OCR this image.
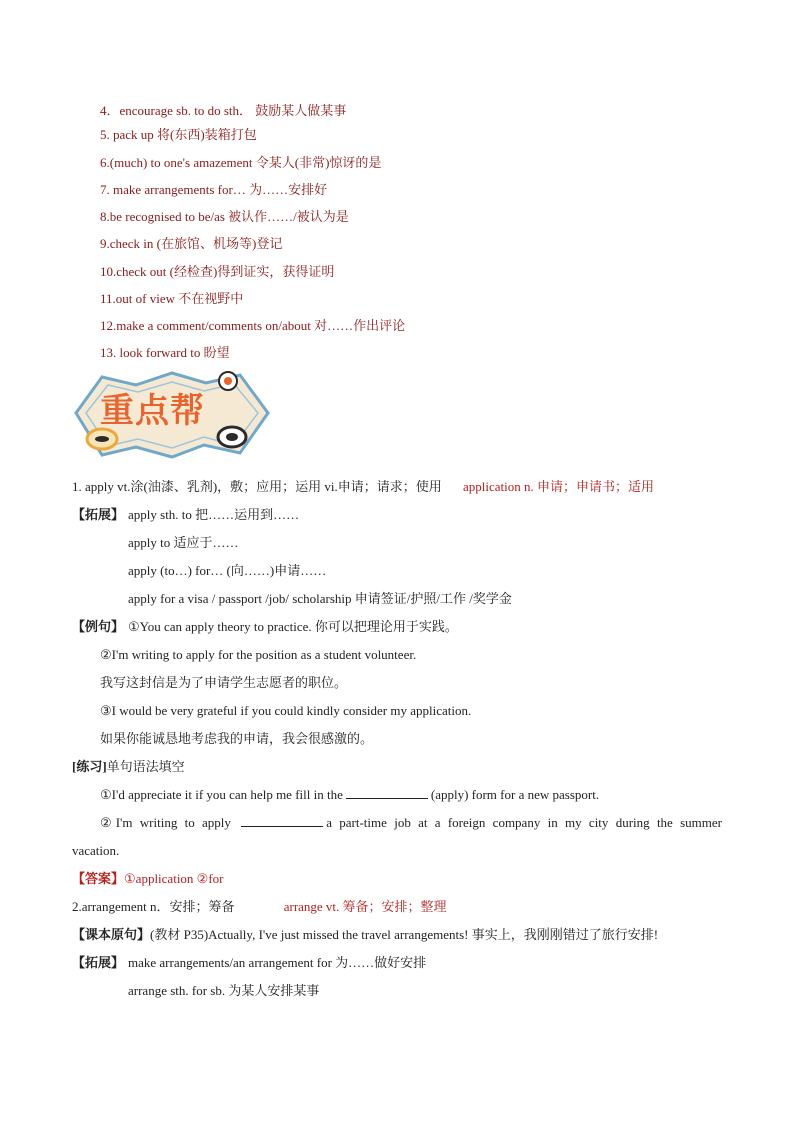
4．encourage sb. to do sth． 鼓励某人做某事
5. pack up 将(东西)装箱打包
6.(much) to one's amazement 令某人(非常)惊讶的是
7. make arrangements for… 为……安排好
8.be recognised to be/as 被认作……/被认为是
9.check in (在旅馆、机场等)登记
10.check out (经检查)得到证实，获得证明
11.out of view 不在视野中
12.make a comment/comments on/about 对……作出评论
13. look forward to 盼望
重点帮
1. apply vt.涂(油漆、乳剂)，敷；应用；运用 vi.申请；请求；使用 application n. 申请；申请书；适用
【拓展】 apply sth. to 把……运用到……
apply to 适应于……
apply (to…) for… (向……)申请……
apply for a visa / passport /job/ scholarship 申请签证/护照/工作 /奖学金
【例句】 ①You can apply theory to practice. 你可以把理论用于实践。
②I'm writing to apply for the position as a student volunteer.
我写这封信是为了申请学生志愿者的职位。
③I would be very grateful if you could kindly consider my application.
如果你能诚恳地考虑我的申请，我会很感激的。
[练习]单句语法填空
①I'd appreciate it if you can help me fill in the	(apply) form for a new passport.
②I'm writing to apply	a part-time job at a foreign company in my city during the summer
vacation.
【答案】①application ②for
2.arrangement n．安排；筹备	arrange vt. 筹备；安排；整理
【课本原句】(教材 P35)Actually, I've just missed the travel arrangements! 事实上，我刚刚错过了旅行安排!
【拓展】 make arrangements/an arrangement for 为……做好安排
arrange sth. for sb. 为某人安排某事
